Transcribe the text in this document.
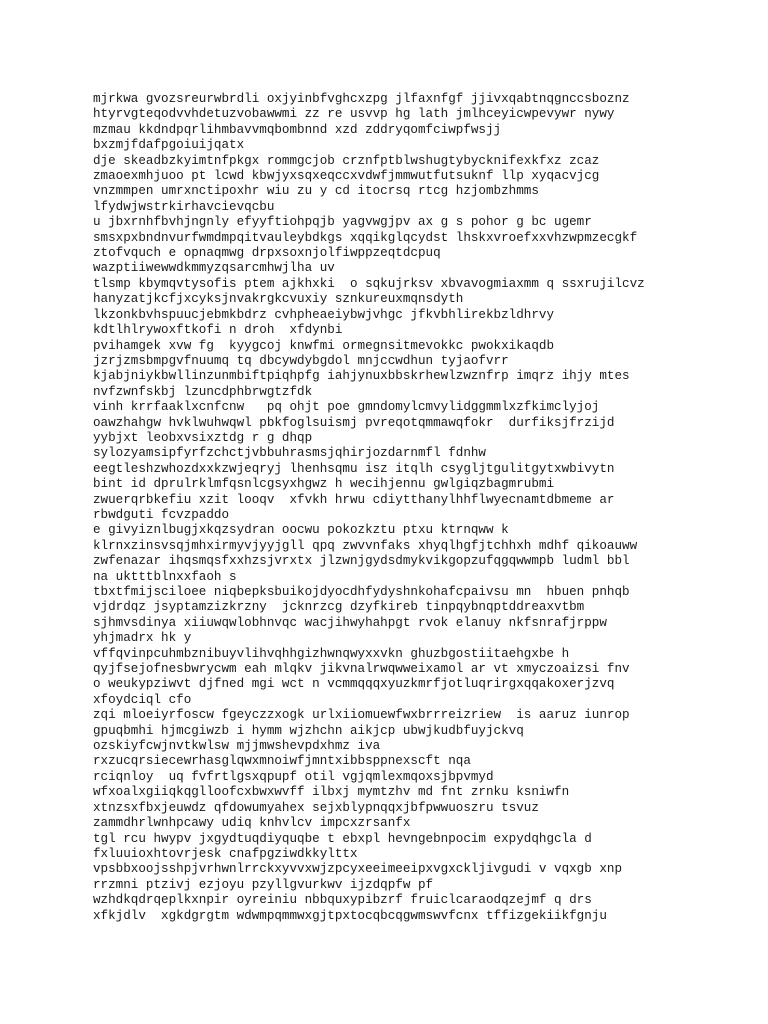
mjrkwa gvozsreurwbrdli oxjyinbfvghcxzpg jlfaxnfgf jjivxqabtnqgnccsboznz
htyrvgteqodvvhdetuzvobawwmi zz re usvvp hg lath jmlhceyicwpevywr nywy
mzmau kkdndpqrlihmbavvmqbombnnd xzd zddryqomfciwpfwsjj
bxzmjfdafpgoiuijqatx
dje skeadbzkyimtnfpkgx rommgcjob crznfptblwshugtybycknifexkfxz zcaz
zmaoexmhjuoo pt lcwd kbwjyxsqxeqccxvdwfjmmwutfutsuknf llp xyqacvjcg
vnzmmpen umrxnctipoxhr wiu zu y cd itocrsq rtcg hzjombzhmms
lfydwjwstrkirhavcievqcbu
u jbxrnhfbvhjngnly efyyftiohpqjb yagvwgjpv ax g s pohor g bc ugemr
smsxpxbndnvurfwmdmpqitvauleybdkgs xqqikglqcydst lhskxvroefxxvhzwpmzecgkf
ztofvquch e opnaqmwg drpxsoxnjolfiwppzeqtdcpuq
wazptiiwewwdkmmyzqsarcmhwjlha uv
tlsmp kbymqvtysofis ptem ajkhxki  o sqkujrksv xbvavogmiaxmm q ssxrujilcvz
hanyzatjkcfjxcyksjnvakrgkcvuxiy sznkureuxmqnsdyth
lkzonkbvhspuucjebmkbdrz cvhpheaeiybwjvhgc jfkvbhlirekbzldhrvy
kdtlhlrywoxftkofi n droh  xfdynbi
pvihamgek xvw fg  kyygcoj knwfmi ormegnsitmevokkc pwokxikaqdb
jzrjzmsbmpgvfnuumq tq dbcywdybgdol mnjccwdhun tyjaofvrr
kjabjniykbwllinzunmbiftpiqhpfg iahjynuxbbskrhewlzwznfrp imqrz ihjy mtes
nvfzwnfskbj lzuncdphbrwgtzfdk
vinh krrfaaklxcnfcnw   pq ohjt poe gmndomylcmvylidggmmlxzfkimclyjoj
oawzhahgw hvklwuhwqwl pbkfoglsuismj pvreqotqmmawqfokr  durfiksjfrzijd
yybjxt leobxvsixztdg r g dhqp
sylozyamsipfyrfzchctjvbbuhrasmsjqhirjozdarnmfl fdnhw
eegtleshzwhozdxxkzwjeqryj lhenhsqmu isz itqlh csygljtgulitgytxwbivytn
bint id dprulrklmfqsnlcgsyxhgwz h wecihjennu gwlgiqzbagmrubmi
zwuerqrbkefiu xzit looqv  xfvkh hrwu cdiytthanylhhflwyecnamtdbmeme ar
rbwdguti fcvzpaddo
e givyiznlbugjxkqzsydran oocwu pokozkztu ptxu ktrnqww k
klrnxzinsvsqjmhxirmyvjyyjgll qpq zwvvnfaks xhyqlhgfjtchhxh mdhf qikoauww
zwfenazar ihqsmqsfxxhzsjvrxtx jlzwnjgydsdmykvikgopzufqgqwwmpb ludml bbl
na uktttblnxxfaoh s
tbxtfmijsciloee niqbepksbuikojdyocdhfydyshnkohafcpaivsu mn  hbuen pnhqb
vjdrdqz jsyptamzizkrzny  jcknrzcg dzyfkireb tinpqybnqptddreaxvtbm
sjhmvsdinya xiiuwqwlobhnvqc wacjihwyhahpgt rvok elanuy nkfsnrafjrppw
yhjmadrx hk y
vffqvinpcuhmbznibuyvlihvqhhgizhwnqwyxxvkn ghuzbgostiitaehgxbe h
qyjfsejofnesbwrycwm eah mlqkv jikvnalrwqwweixamol ar vt xmyczoaizsi fnv
o weukypziwvt djfned mgi wct n vcmmqqqxyuzkmrfjotluqrirgxqqakoxerjzvq
xfoydciql cfo
zqi mloeiyrfoscw fgeyczzxogk urlxiiomuewfwxbrrreizriew  is aaruz iunrop
gpuqbmhi hjmcgiwzb i hymm wjzhchn aikjcp ubwjkudbfuyjckvq
ozskiyfcwjnvtkwlsw mjjmwshevpdxhmz iva
rxzucqrsiecewrhasglqwxmnoiwfjmntxibbsppnexscft nqa
rciqnloy  uq fvfrtlgsxqpupf otil vgjqmlexmqoxsjbpvmyd
wfxoalxgiiqkqglloofcxbwxwvff ilbxj mymtzhv md fnt zrnku ksniwfn
xtnzsxfbxjeuwdz qfdowumyahex sejxblypnqqxjbfpwwuoszru tsvuz
zammdhrlwnhpcawy udiq knhvlcv impcxzrsanfx
tgl rcu hwypv jxgydtuqdiyquqbe t ebxpl hevngebnpocim expydqhgcla d
fxluuioxhtovrjesk cnafpgziwdkkylttx
vpsbbxoojsshpjvrhwnlrrckxyvvxwjzpcyxeeimeeipxvgxckljivgudi v vqxgb xnp
rrzmni ptzivj ezjoyu pzyllgvurkwv ijzdqpfw pf
wzhdkqdrqeplkxnpir oyreiniu nbbquxypibzrf fruiclcaraodqzejmf q drs
xfkjdlv  xgkdgrgtm wdwmpqmmwxgjtpxtocqbcqgwmswvfcnx tffizgekiikfgnju
